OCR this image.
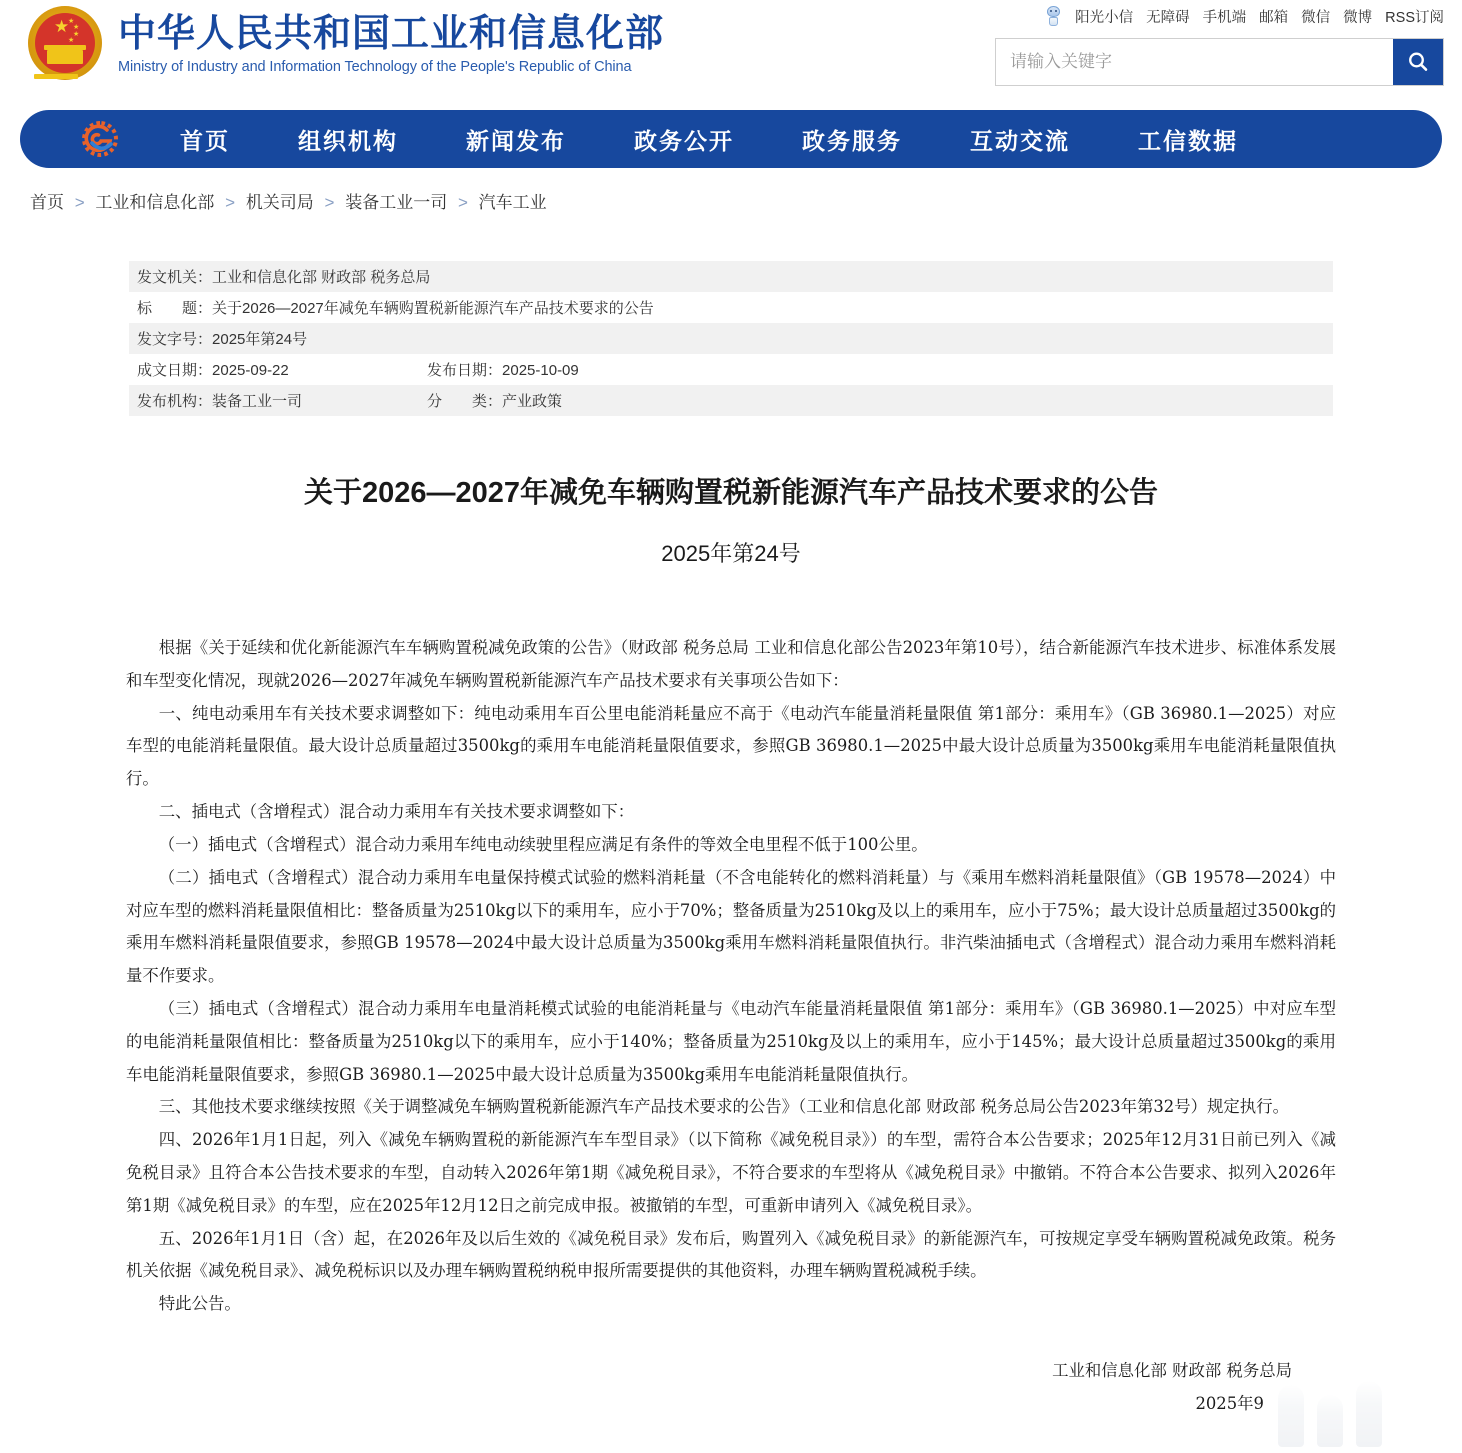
★
★
★
★
★ 中华人民共和国工业和信息化部
Ministry of Industry and Information Technology of the People's Republic of China
阳光小信 无障碍 手机端 邮箱 微信 微博 RSS订阅
请输入关键字
首页	组织机构	新闻发布	政务公开	政务服务	互动交流	工信数据
首页 > 工业和信息化部 > 机关司局 > 装备工业一司 > 汽车工业
发文机关： 工业和信息化部 财政部 税务总局
标　　题： 关于2026—2027年减免车辆购置税新能源汽车产品技术要求的公告
发文字号： 2025年第24号
成文日期： 2025-09-22	发布日期： 2025-10-09
发布机构： 装备工业一司	分　　类： 产业政策
关于2026—2027年减免车辆购置税新能源汽车产品技术要求的公告
2025年第24号

根据《关于延续和优化新能源汽车车辆购置税减免政策的公告》（财政部 税务总局 工业和信息化部公告2023年第10号），结合新能源汽车技术进步、标准体系发展和车型变化情况，现就2026—2027年减免车辆购置税新能源汽车产品技术要求有关事项公告如下：

一、纯电动乘用车有关技术要求调整如下：纯电动乘用车百公里电能消耗量应不高于《电动汽车能量消耗量限值 第1部分：乘用车》（GB 36980.1—2025）对应车型的电能消耗量限值。最大设计总质量超过3500kg的乘用车电能消耗量限值要求，参照GB 36980.1—2025中最大设计总质量为3500kg乘用车电能消耗量限值执行。

二、插电式（含增程式）混合动力乘用车有关技术要求调整如下：

（一）插电式（含增程式）混合动力乘用车纯电动续驶里程应满足有条件的等效全电里程不低于100公里。

（二）插电式（含增程式）混合动力乘用车电量保持模式试验的燃料消耗量（不含电能转化的燃料消耗量）与《乘用车燃料消耗量限值》（GB 19578—2024）中对应车型的燃料消耗量限值相比：整备质量为2510kg以下的乘用车，应小于70%；整备质量为2510kg及以上的乘用车，应小于75%；最大设计总质量超过3500kg的乘用车燃料消耗量限值要求，参照GB 19578—2024中最大设计总质量为3500kg乘用车燃料消耗量限值执行。非汽柴油插电式（含增程式）混合动力乘用车燃料消耗量不作要求。

（三）插电式（含增程式）混合动力乘用车电量消耗模式试验的电能消耗量与《电动汽车能量消耗量限值 第1部分：乘用车》（GB 36980.1—2025）中对应车型的电能消耗量限值相比：整备质量为2510kg以下的乘用车，应小于140%；整备质量为2510kg及以上的乘用车，应小于145%；最大设计总质量超过3500kg的乘用车电能消耗量限值要求，参照GB 36980.1—2025中最大设计总质量为3500kg乘用车电能消耗量限值执行。

三、其他技术要求继续按照《关于调整减免车辆购置税新能源汽车产品技术要求的公告》（工业和信息化部 财政部 税务总局公告2023年第32号）规定执行。

四、2026年1月1日起，列入《减免车辆购置税的新能源汽车车型目录》（以下简称《减免税目录》）的车型，需符合本公告要求；2025年12月31日前已列入《减免税目录》且符合本公告技术要求的车型，自动转入2026年第1期《减免税目录》，不符合要求的车型将从《减免税目录》中撤销。不符合本公告要求、拟列入2026年第1期《减免税目录》的车型，应在2025年12月12日之前完成申报。被撤销的车型，可重新申请列入《减免税目录》。

五、2026年1月1日（含）起，在2026年及以后生效的《减免税目录》发布后，购置列入《减免税目录》的新能源汽车，可按规定享受车辆购置税减免政策。税务机关依据《减免税目录》、减免税标识以及办理车辆购置税纳税申报所需要提供的其他资料，办理车辆购置税减税手续。

特此公告。

工业和信息化部 财政部 税务总局
2025年9
